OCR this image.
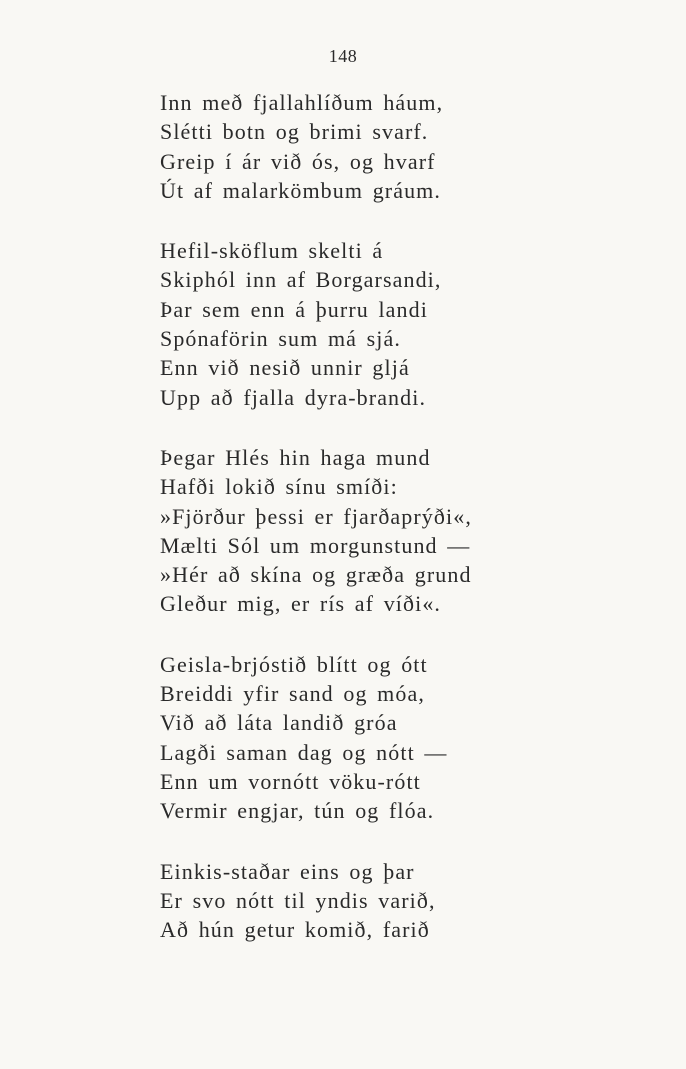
148
Inn með fjallahlíðum háum,
Slétti botn og brimi svarf.
Greip í ár við ós, og hvarf
Út af malarkömbum gráum.
Hefil-sköflum skelti á
Skiphól inn af Borgarsandi,
Þar sem enn á þurru landi
Spónaförin sum má sjá.
Enn við nesið unnir gljá
Upp að fjalla dyra-brandi.
Þegar Hlés hin haga mund
Hafði lokið sínu smíði:
»Fjörður þessi er fjarðaprýði«,
Mælti Sól um morgunstund —
»Hér að skína og græða grund
Gleður mig, er rís af víði«.
Geisla-brjóstið blítt og ótt
Breiddi yfir sand og móa,
Við að láta landið gróa
Lagði saman dag og nótt —
Enn um vornótt vöku-rótt
Vermir engjar, tún og flóa.
Einkis-staðar eins og þar
Er svo nótt til yndis varið,
Að hún getur komið, farið
